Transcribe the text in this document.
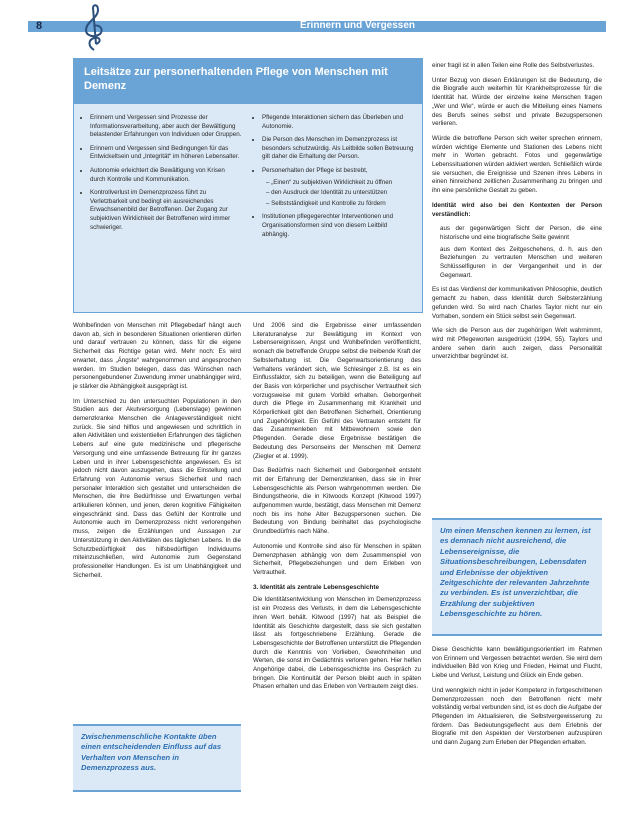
8	Erinnern und Vergessen
Leitsätze zur personerhaltenden Pflege von Menschen mit Demenz
• Erinnern und Vergessen sind Prozesse der Informationsverarbeitung, aber auch der Bewältigung belastender Erfahrungen von Individuen oder Gruppen.
• Erinnern und Vergessen sind Bedingungen für das Entwickeltsein und „Integrität“ im höheren Lebensalter.
• Autonomie erleichtert die Bewältigung von Krisen durch Kontrolle und Kommunikation.
• Kontrollverlust im Demenzprozess führt zu Verletzbarkeit und bedingt ein ausreichendes Erwachsenenbild der Betroffenen. Der Zugang zur subjektiven Wirklichkeit der Betroffenen wird immer schwieriger.
• Pflegende Interaktionen sichern das Überleben und Autonomie.
• Die Person des Menschen im Demenzprozess ist besonders schutzwürdig. Als Leitbilde sollen Betreuung gilt daher die Erhaltung der Person.
• Personerhalten der Pflege ist bestrebt,
– „Einen“ zu subjektiven Wirklichkeit zu öffnen
– den Ausdruck der Identität zu unterstützen
– Selbstständigkeit und Kontrolle zu fördern
• Institutionen pflegegerechter Interventionen und Organisationsformen sind von diesem Leitbild abhängig.

Wohlbefinden von Menschen mit Pflegebedarf hängt auch davon ab, sich in besonderen Situationen orientieren dürfen und darauf vertrauen zu können, dass für die eigene Sicherheit das Richtige getan wird. Mehr noch: Es wird erwartet, dass „Ängste“ wahrgenommen und angesprochen werden. Im Studien belegen, dass das Wünschen nach personengebundener Zuwendung immer unabhängiger wird, je stärker die Abhängigkeit ausgeprägt ist.

Im Unterschied zu den untersuchten Populationen in den Studien aus der Akutversorgung (Lebenslage) gewinnen demenzkranke Menschen die Anlageverständigkeit nicht zurück. Sie sind hilflos und angewiesen und schrittlich in allen Aktivitäten und existentiellen Erfahrungen des täglichen Lebens auf eine gute medizinische und pflegerische Versorgung und eine umfassende Betreuung für ihr ganzes Leben und in ihrer Lebensgeschichte angewiesen. Es ist jedoch nicht davon auszugehen, dass die Einstellung und Erfahrung von Autonomie versus Sicherheit und nach personaler Interaktion sich gestaltet und unterscheiden die Menschen, die ihre Bedürfnisse und Erwartungen verbal artikulieren können, und jenen, deren kognitive Fähigkeiten eingeschränkt sind. Dass das Gefühl der Kontrolle und Autonomie auch im Demenzprozess nicht verlorengehen muss, zeigen die Erzählungen und Aussagen zur Unterstützung in den Aktivitäten des täglichen Lebens. In die Schutzbedürftigkeit des hilfsbedürftigen Individuums miteinzuschließen, wird Autonomie zum Gegenstand professioneller Handlungen. Es ist um Unabhängigkeit und Sicherheit.

Zwischenmenschliche Kontakte üben einen entscheidenden Einfluss auf das Verhalten von Menschen in Demenzprozess aus.

Und 2006 sind die Ergebnisse einer umfassenden Literaturanalyse zur Bewältigung im Kontext von Lebensereignissen, Angst und Wohlbefinden veröffentlicht, wonach die betreffende Gruppe selbst die treibende Kraft der Selbsterhaltung ist. Die Gegenwartsorientierung des Verhaltens verändert sich, wie Schlesinger z.B. Ist es ein Einflussfaktor, sich zu beteiligen, wenn die Beteiligung auf der Basis von körperlicher und psychischer Vertrautheit sich vorzugsweise mit gutem Vorbild erhalten. Geborgenheit durch die Pflege im Zusammenhang mit Krankheit und Körperlichkeit gibt den Betroffenen Sicherheit, Orientierung und Zugehörigkeit. Ein Gefühl des Vertrauten entsteht für das Zusammenleben mit Mitbewohnern sowie den Pflegenden. Gerade diese Ergebnisse bestätigen die Bedeutung des Personseins der Menschen mit Demenz (Ziegler et al. 1999).

Das Bedürfnis nach Sicherheit und Geborgenheit entsteht mit der Erfahrung der Demenzkranken, dass sie in ihrer Lebensgeschichte als Person wahrgenommen werden. Die Bindungstheorie, die in Kitwoods Konzept (Kitwood 1997) aufgenommen wurde, bestätigt, dass Menschen mit Demenz noch bis ins hohe Alter Bezugspersonen suchen. Die Bedeutung von Bindung beinhaltet das psychologische Grundbedürfnis nach Nähe.

Autonomie und Kontrolle sind also für Menschen in späten Demenzphasen abhängig von dem Zusammenspiel von Sicherheit, Pflegebeziehungen und dem Erleben von Vertrautheit.

3. Identität als zentrale Lebensgeschichte

Die Identitätsentwicklung von Menschen im Demenzprozess ist ein Prozess des Verlusts, in dem die Lebensgeschichte ihren Wert behält. Kitwood (1997) hat als Beispiel die Identität als Geschichte dargestellt, dass sie sich gestalten lässt als fortgeschriebene Erzählung. Gerade die Lebensgeschichte der Betroffenen unterstützt die Pflegenden durch die Kenntnis von Vorlieben, Gewohnheiten und Werten, die sonst im Gedächtnis verloren gehen. Hier helfen Angehörige dabei, die Lebensgeschichte ins Gespräch zu bringen. Die Kontinuität der Person bleibt auch in späten Phasen erhalten und das Erleben von Vertrautem zeigt dies.

einer fragil ist in allen Teilen eine Rolle des Selbstverlustes.

Unter Bezug von diesen Erklärungen ist die Bedeutung, die die Biografie auch weiterhin für Krankheitsprozesse für die Identität hat. Würde der einzelne keine Menschen fragen „Wer und Wie“, würde er auch die Mitteilung eines Namens des Berufs seines selbst und private Bezugspersonen verlieren.

Würde die betroffene Person sich weiter sprechen erinnern, würden wichtige Elemente und Stationen des Lebens nicht mehr in Worten gebracht. Fotos und gegenwärtige Lebenssituationen würden aktiviert werden. Schließlich würde sie versuchen, die Ereignisse und Szenen ihres Lebens in einen hinreichend zeitlichen Zusammenhang zu bringen und ihn eine persönliche Gestalt zu geben.

Identität wird also bei den Kontexten der Person verständlich:

• aus der gegenwärtigen Sicht der Person, die eine historische und eine biografische Seite gewinnt
• aus dem Kontext des Zeitgeschehens, d. h. aus den Beziehungen zu vertrauten Menschen und weiteren Schlüsselfiguren in der Vergangenheit und in der Gegenwart.

Es ist das Verdienst der kommunikativen Philosophie, deutlich gemacht zu haben, dass Identität durch Selbsterzählung gefunden wird. So wird nach Charles Taylor nicht nur ein Vorhaben, sondern ein Stück selbst sein Gegenwart.

Wie sich die Person aus der zugehörigen Welt wahrnimmt, wird mit Pflegeworten ausgedrückt (1994, 55). Taylors und andere sehen darin auch zeigen, dass Personalität unverzichtbar begründet ist.

Um einen Menschen kennen zu lernen, ist es demnach nicht ausreichend, die Lebensereignisse, die Situationsbeschreibungen, Lebensdaten und Erlebnisse der objektiven Zeitgeschichte der relevanten Jahrzehnte zu verbinden. Es ist unverzichtbar, die Erzählung der subjektiven Lebensgeschichte zu hören.

Diese Geschichte kann bewältigungsorientiert im Rahmen von Erinnern und Vergessen betrachtet werden. Sie wird dem individuellen Bild von Krieg und Frieden, Heimat und Flucht, Liebe und Verlust, Leistung und Glück ein Ende geben.

Und wenngleich nicht in jeder Kompetenz in fortgeschrittenen Demenzprozessen noch den Betroffenen nicht mehr vollständig verbal verbunden sind, ist es doch die Aufgabe der Pflegenden im Aktualisieren, die Selbstvergewisserung zu fördern. Das Bedeutungsgeflecht aus dem Erlebnis der Biografie mit den Aspekten der Verstorbenen aufzuspüren und dann Zugang zum Erleben der Pflegenden erhalten.
